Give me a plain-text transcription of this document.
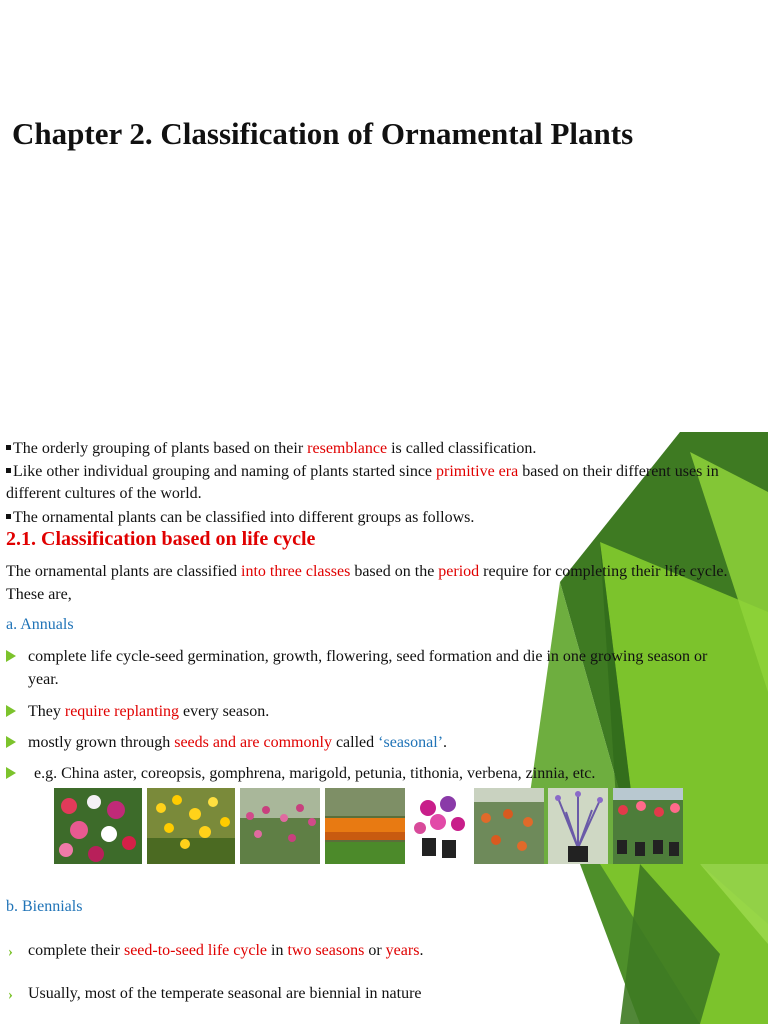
Chapter 2. Classification of Ornamental Plants
The orderly grouping of plants based on their resemblance is called classification.
Like other individual grouping and naming of plants started since primitive era based on their different uses in different cultures of the world.
The ornamental plants can be classified into different groups as follows.
2.1. Classification based on life cycle
The ornamental plants are classified into three classes based on the period require for completing their life cycle. These are,
a. Annuals
complete life cycle-seed germination, growth, flowering, seed formation and die in one growing season or year.
They require replanting every season.
mostly grown through seeds and are commonly called ‘seasonal’.
e.g. China aster, coreopsis, gomphrena, marigold, petunia, tithonia, verbena, zinnia, etc.
b. Biennials
› complete their seed-to-seed life cycle in two seasons or years.
› Usually, most of the temperate seasonal are biennial in nature
